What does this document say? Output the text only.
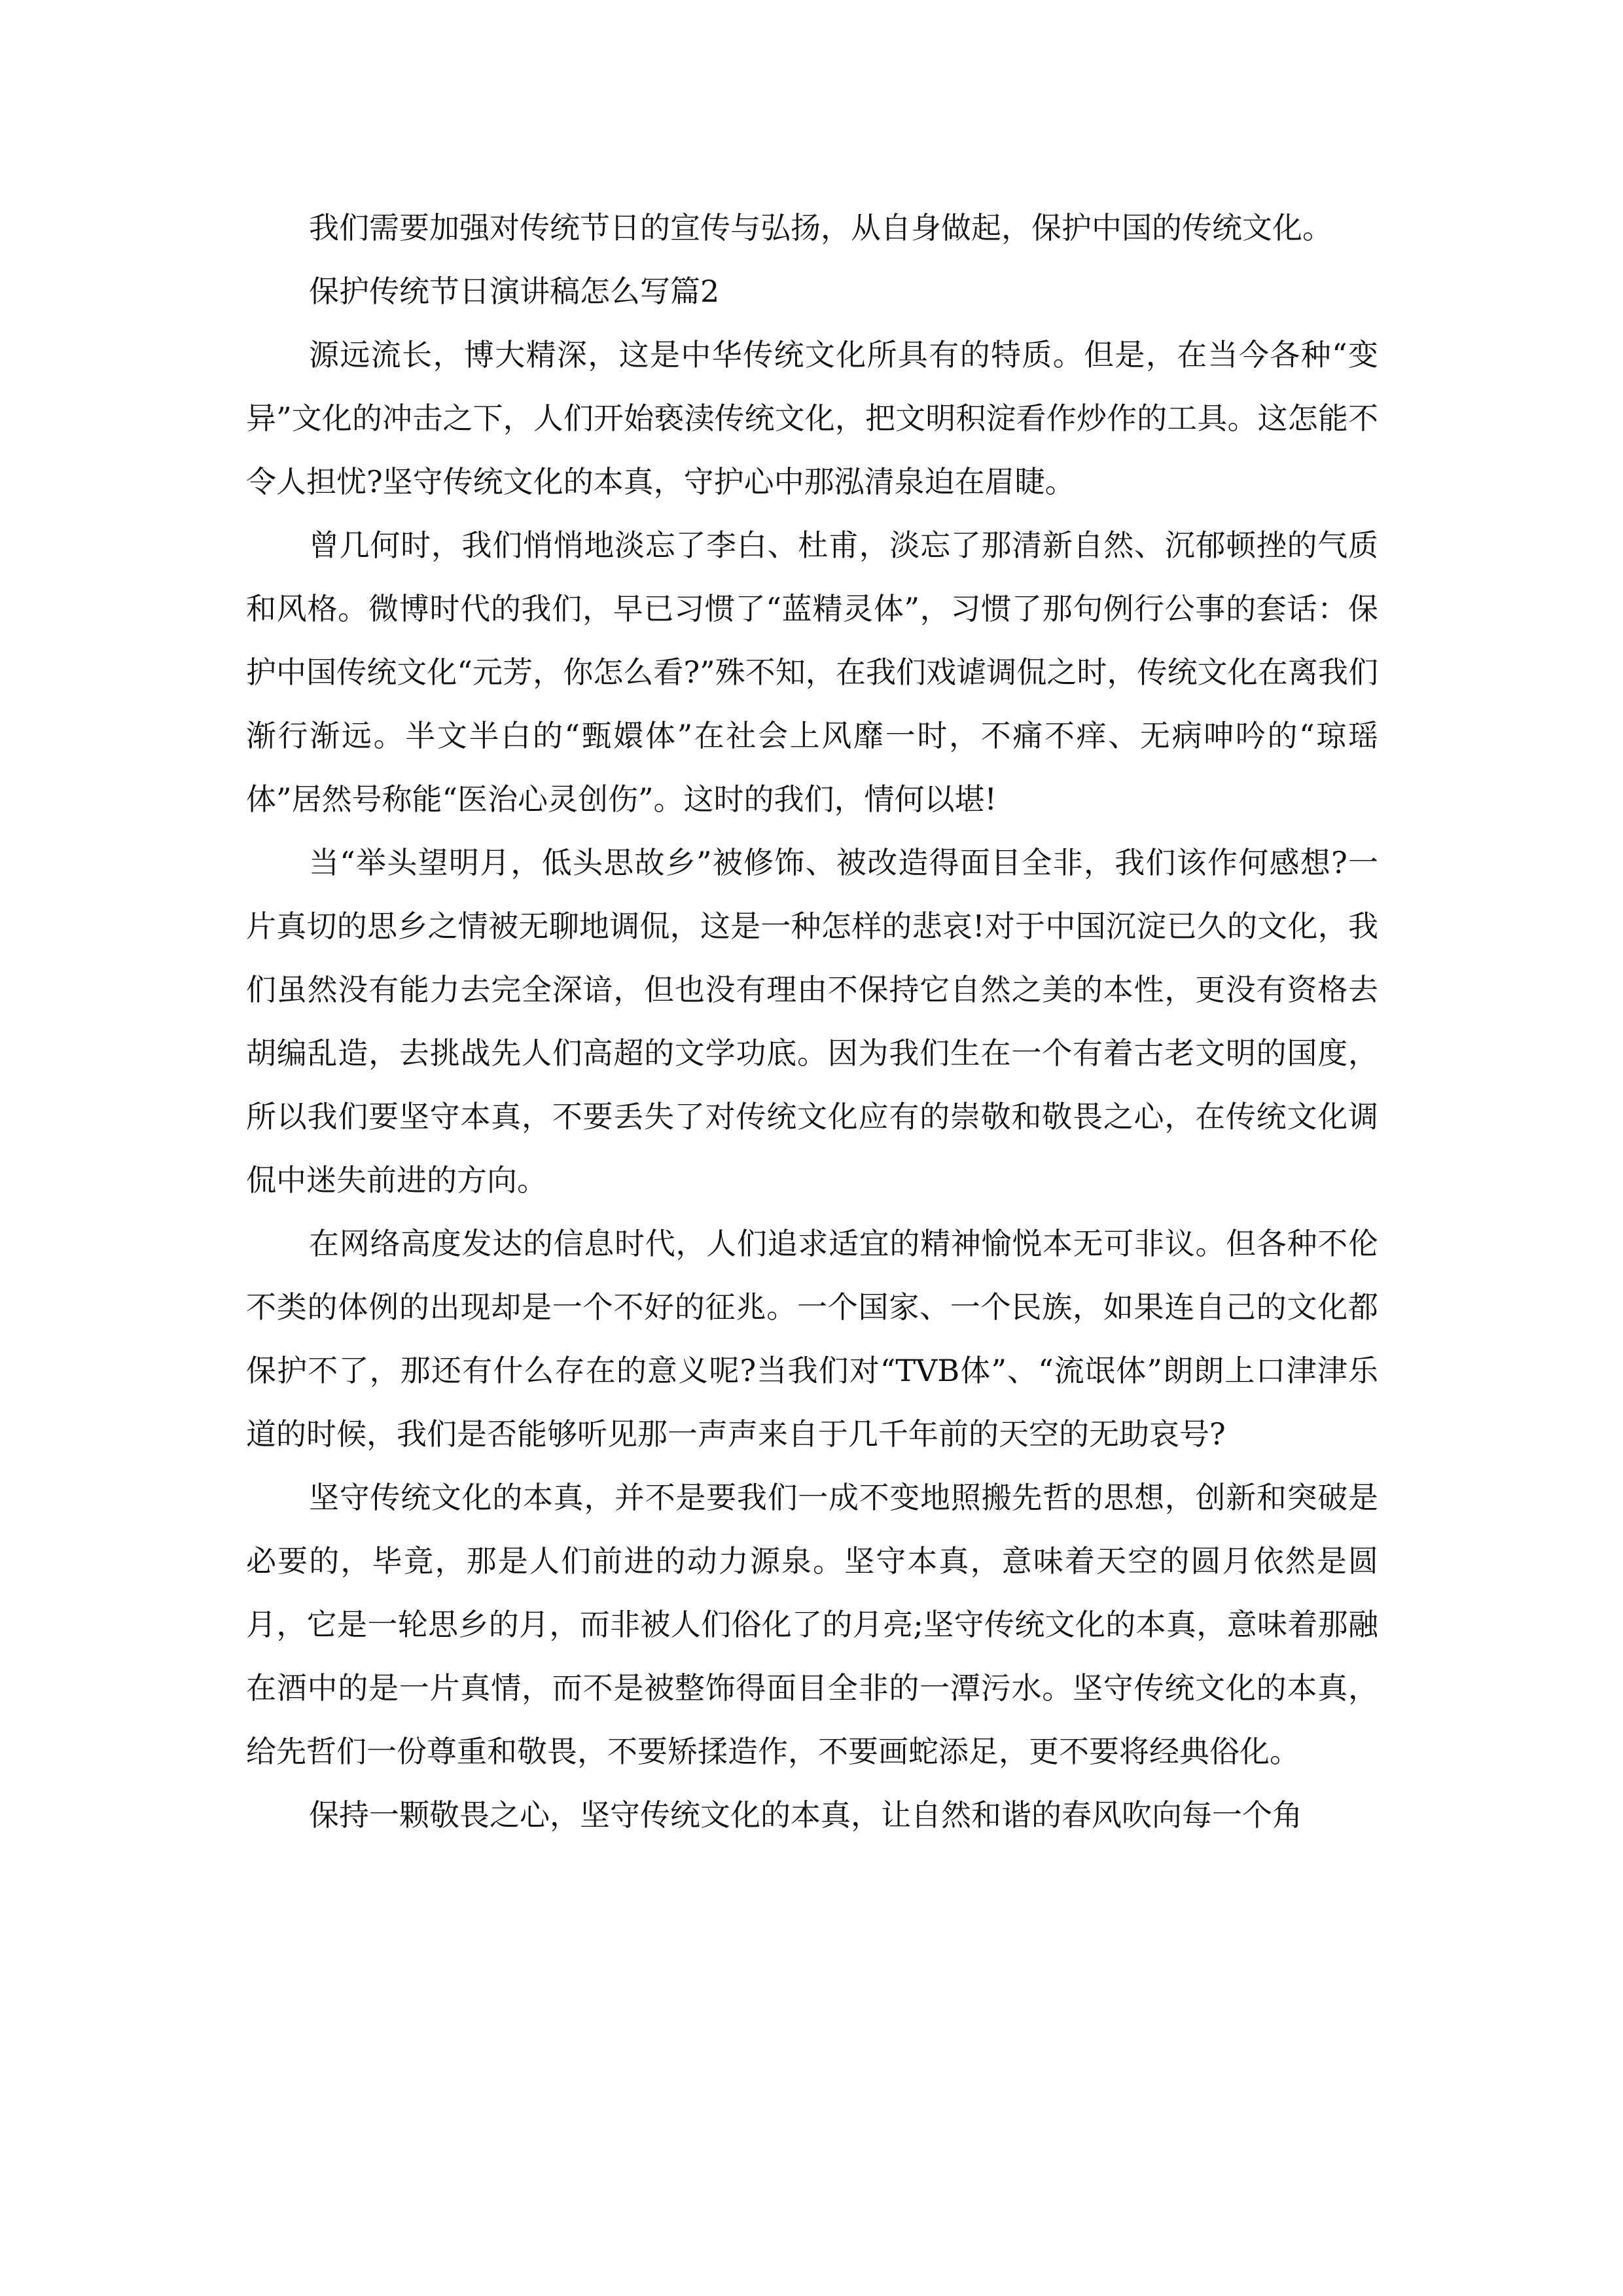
我们需要加强对传统节日的宣传与弘扬，从自身做起，保护中国的传统文化。

保护传统节日演讲稿怎么写篇2

源远流长，博大精深，这是中华传统文化所具有的特质。但是，在当今各种“变异”文化的冲击之下，人们开始亵渎传统文化，把文明积淀看作炒作的工具。这怎能不令人担忧?坚守传统文化的本真，守护心中那泓清泉迫在眉睫。

曾几何时，我们悄悄地淡忘了李白、杜甫，淡忘了那清新自然、沉郁顿挫的气质和风格。微博时代的我们，早已习惯了“蓝精灵体”，习惯了那句例行公事的套话：保护中国传统文化“元芳，你怎么看?”殊不知，在我们戏谑调侃之时，传统文化在离我们渐行渐远。半文半白的“甄嬛体”在社会上风靡一时，不痛不痒、无病呻吟的“琼瑶体”居然号称能“医治心灵创伤”。这时的我们，情何以堪!

当“举头望明月，低头思故乡”被修饰、被改造得面目全非，我们该作何感想?一片真切的思乡之情被无聊地调侃，这是一种怎样的悲哀!对于中国沉淀已久的文化，我们虽然没有能力去完全深谙，但也没有理由不保持它自然之美的本性，更没有资格去胡编乱造，去挑战先人们高超的文学功底。因为我们生在一个有着古老文明的国度，所以我们要坚守本真，不要丢失了对传统文化应有的崇敬和敬畏之心，在传统文化调侃中迷失前进的方向。

在网络高度发达的信息时代，人们追求适宜的精神愉悦本无可非议。但各种不伦不类的体例的出现却是一个不好的征兆。一个国家、一个民族，如果连自己的文化都保护不了，那还有什么存在的意义呢?当我们对“TVB体”、“流氓体”朗朗上口津津乐道的时候，我们是否能够听见那一声声来自于几千年前的天空的无助哀号?

坚守传统文化的本真，并不是要我们一成不变地照搬先哲的思想，创新和突破是必要的，毕竟，那是人们前进的动力源泉。坚守本真，意味着天空的圆月依然是圆月，它是一轮思乡的月，而非被人们俗化了的月亮;坚守传统文化的本真，意味着那融在酒中的是一片真情，而不是被整饰得面目全非的一潭污水。坚守传统文化的本真，给先哲们一份尊重和敬畏，不要矫揉造作，不要画蛇添足，更不要将经典俗化。

保持一颗敬畏之心，坚守传统文化的本真，让自然和谐的春风吹向每一个角
